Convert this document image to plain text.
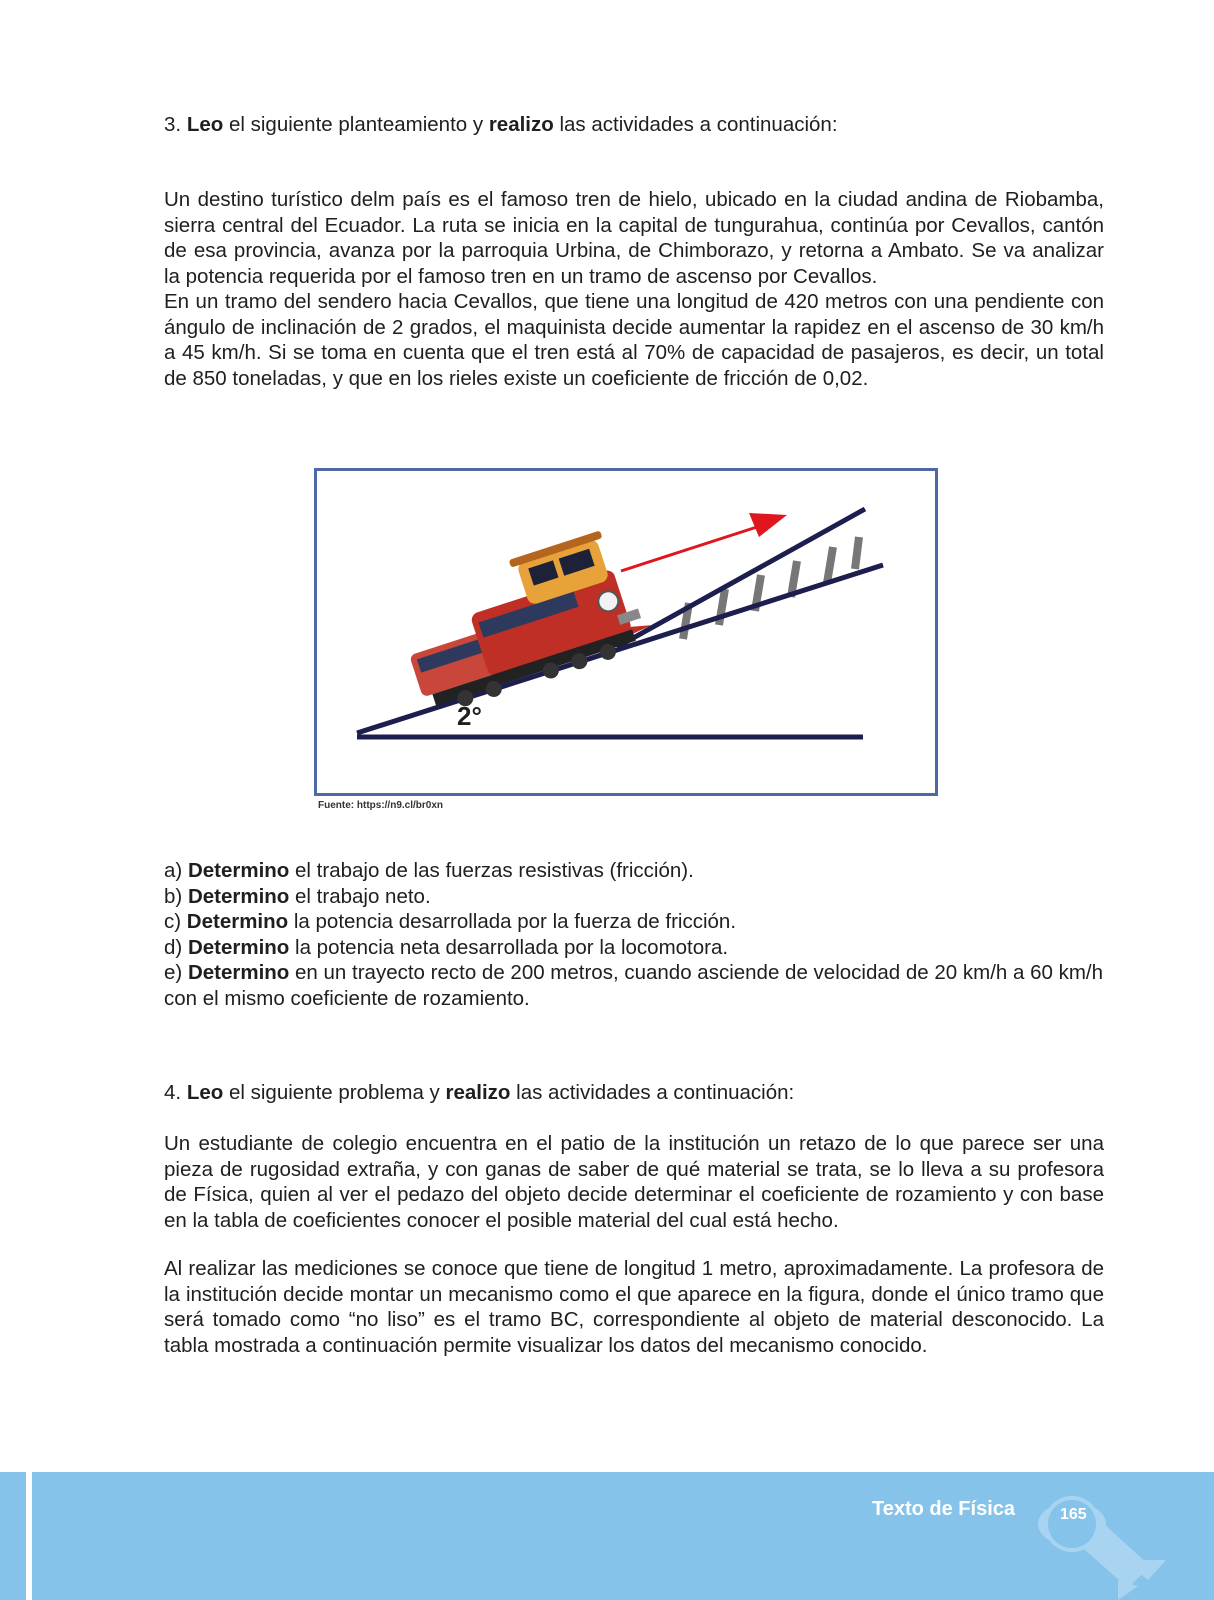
3. Leo el siguiente planteamiento y realizo las actividades a continuación:
Un destino turístico delm país es el famoso tren de hielo, ubicado en la ciudad andina de Riobamba, sierra central del Ecuador. La ruta se inicia en la capital de tungurahua, continúa por Cevallos, cantón de esa provincia, avanza por la parroquia Urbina, de Chimborazo, y retorna a Ambato. Se va analizar la potencia requerida por el famoso tren en un tramo de ascenso por Cevallos.
En un tramo del sendero hacia Cevallos, que tiene una longitud de 420 metros con una pendiente con ángulo de inclinación de 2 grados, el maquinista decide aumentar la rapidez en el ascenso de 30 km/h a 45 km/h. Si se toma en cuenta que el tren está al 70% de capacidad de pasajeros, es decir, un total de 850 toneladas, y que en los rieles existe un coeficiente de fricción de 0,02.
2°
Fuente: https://n9.cl/br0xn
a) Determino el trabajo de las fuerzas resistivas (fricción).
b) Determino el trabajo neto.
c) Determino la potencia desarrollada por la fuerza de fricción.
d) Determino la potencia neta desarrollada por la locomotora.
e) Determino en un trayecto recto de 200 metros, cuando asciende de velocidad de 20 km/h a 60 km/h con el mismo coeficiente de rozamiento.
4. Leo el siguiente problema y realizo las actividades a continuación:
Un estudiante de colegio encuentra en el patio de la institución un retazo de lo que parece ser una pieza de rugosidad extraña, y con ganas de saber de qué material se trata, se lo lleva a su profesora de Física, quien al ver el pedazo del objeto decide determinar el coeficiente de rozamiento y con base en la tabla de coeficientes conocer el posible material del cual está hecho.
Al realizar las mediciones se conoce que tiene de longitud 1 metro, aproximadamente. La profesora de la institución decide montar un mecanismo como el que aparece en la figura, donde el único tramo que será tomado como “no liso” es el tramo BC, correspondiente al objeto de material desconocido. La tabla mostrada a continuación permite visualizar los datos del mecanismo conocido.
Texto de Física	165
